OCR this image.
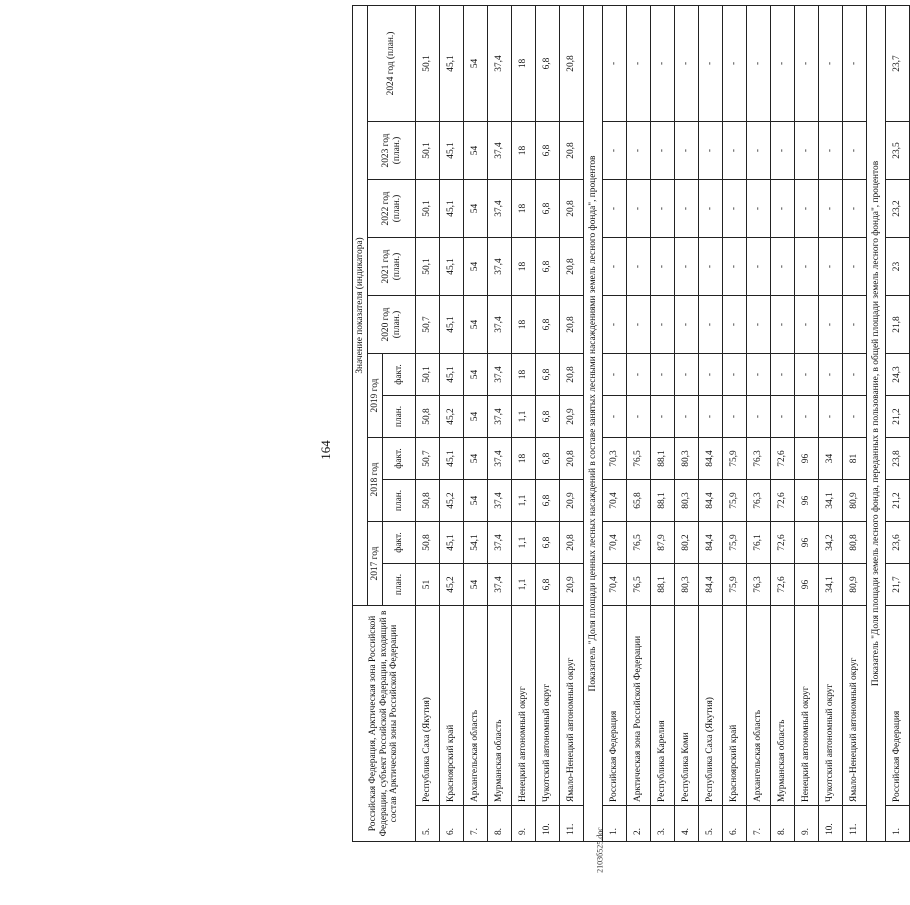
164
2103б525.doc
Российская Федерация, Арктическая зона Российской Федерации, субъект Российской Федерации, входящий в состав Арктической зоны Российской Федерации		Значение показателя (индикатора)										
		2017 год		2018 год		2019 год		2020 год (план.)	2021 год (план.)	2022 год (план.)	2023 год (план.)	2024 год (план.)
		план.	факт.	план.	факт.	план.	факт.					
5.	Республика Саха (Якутия)	51	50,8	50,8	50,7	50,8	50,1	50,7	50,1	50,1	50,1	50,1
6.	Красноярский край	45,2	45,1	45,2	45,1	45,2	45,1	45,1	45,1	45,1	45,1	45,1
7.	Архангельская область	54	54,1	54	54	54	54	54	54	54	54	54
8.	Мурманская область	37,4	37,4	37,4	37,4	37,4	37,4	37,4	37,4	37,4	37,4	37,4
9.	Ненецкий автономный округ	1,1	1,1	1,1	18	1,1	18	18	18	18	18	18
10.	Чукотский автономный округ	6,8	6,8	6,8	6,8	6,8	6,8	6,8	6,8	6,8	6,8	6,8
11.	Ямало-Ненецкий автономный округ	20,9	20,8	20,9	20,8	20,9	20,8	20,8	20,8	20,8	20,8	20,8
Показатель "Доля площади ценных лесных насаждений в составе занятых лесными насаждениями земель лесного фонда", процентов												
1.	Российская Федерация	70,4	70,4	70,4	70,3	-	-	-	-	-	-	-
2.	Арктическая зона Российской Федерации	76,5	76,5	65,8	76,5	-	-	-	-	-	-	-
3.	Республика Карелия	88,1	87,9	88,1	88,1	-	-	-	-	-	-	-
4.	Республика Коми	80,3	80,2	80,3	80,3	-	-	-	-	-	-	-
5.	Республика Саха (Якутия)	84,4	84,4	84,4	84,4	-	-	-	-	-	-	-
6.	Красноярский край	75,9	75,9	75,9	75,9	-	-	-	-	-	-	-
7.	Архангельская область	76,3	76,1	76,3	76,3	-	-	-	-	-	-	-
8.	Мурманская область	72,6	72,6	72,6	72,6	-	-	-	-	-	-	-
9.	Ненецкий автономный округ	96	96	96	96	-	-	-	-	-	-	-
10.	Чукотский автономный округ	34,1	34,2	34,1	34	-	-	-	-	-	-	-
11.	Ямало-Ненецкий автономный округ	80,9	80,8	80,9	81	-	-	-	-	-	-	-
Показатель "Доля площади земель лесного фонда, переданных в пользование, в общей площади земель лесного фонда", процентов												
1.	Российская Федерация	21,7	23,6	21,2	23,8	21,2	24,3	21,8	23	23,2	23,5	23,7
